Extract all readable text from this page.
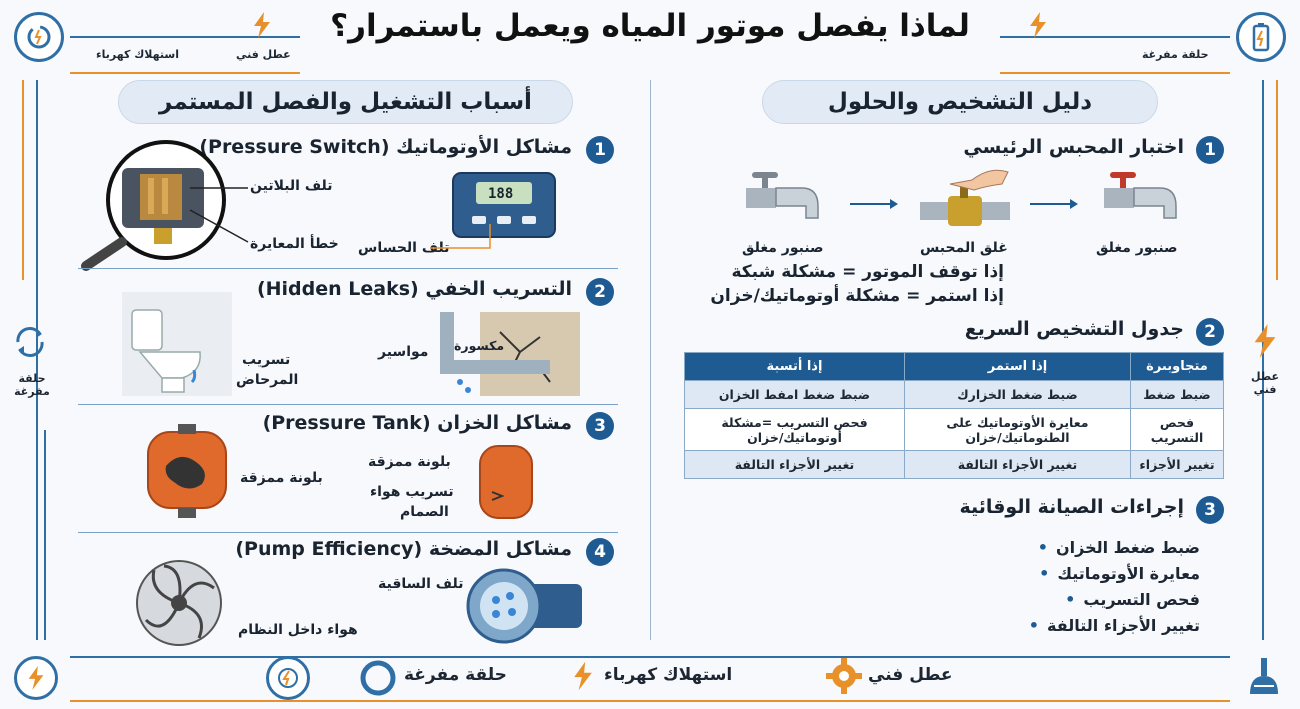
استهلاك كهرباء	عطل فني	حلقة مفرغة
حلقة مفرغة
عطل فني
لماذا يفصل موتور المياه ويعمل باستمرار؟
أسباب التشغيل والفصل المستمر
1
مشاكل الأوتوماتيك (Pressure Switch)
تلف البلاتين
خطأ المعايرة
188
تلف الحساس
2
التسريب الخفي (Hidden Leaks)
تسريب
المرحاض
مواسير مكسورة
3
مشاكل الخزان (Pressure Tank)
بلونة ممزقة
بلونة ممزقة
تسريب هواء
الصمام
4
مشاكل المضخة (Pump Efficiency)
هواء داخل النظام
تلف الساقية
دليل التشخيص والحلول
1
اختبار المحبس الرئيسي
صنبور مغلق	غلق المحبس	صنبور مغلق
إذا توقف الموتور = مشكلة شبكة
إذا استمر = مشكلة أوتوماتيك/خزان
2
جدول التشخيص السريع
متجاوبىرة	إذا استمر	إذا أتسبة
ضبط ضغط	ضبط ضغط الخزارك	ضبط ضغط امفط الخزان
فحص التسريب	معايرة الأوتوماتيك على الطنوماتيك/خزان	فحص التسريب =مشكلة أوتوماتيك/خزان
تغيير الأجزاء	تغيير الأجزاء التالفة	تغيير الأجزاء التالفة
3
إجراءات الصيانة الوقائية
ضبط ضغط الخزان •
معايرة الأوتوماتيك •
فحص التسريب •
تغيير الأجزاء التالفة •
حلقة مفرغة	استهلاك كهرباء	عطل فني
